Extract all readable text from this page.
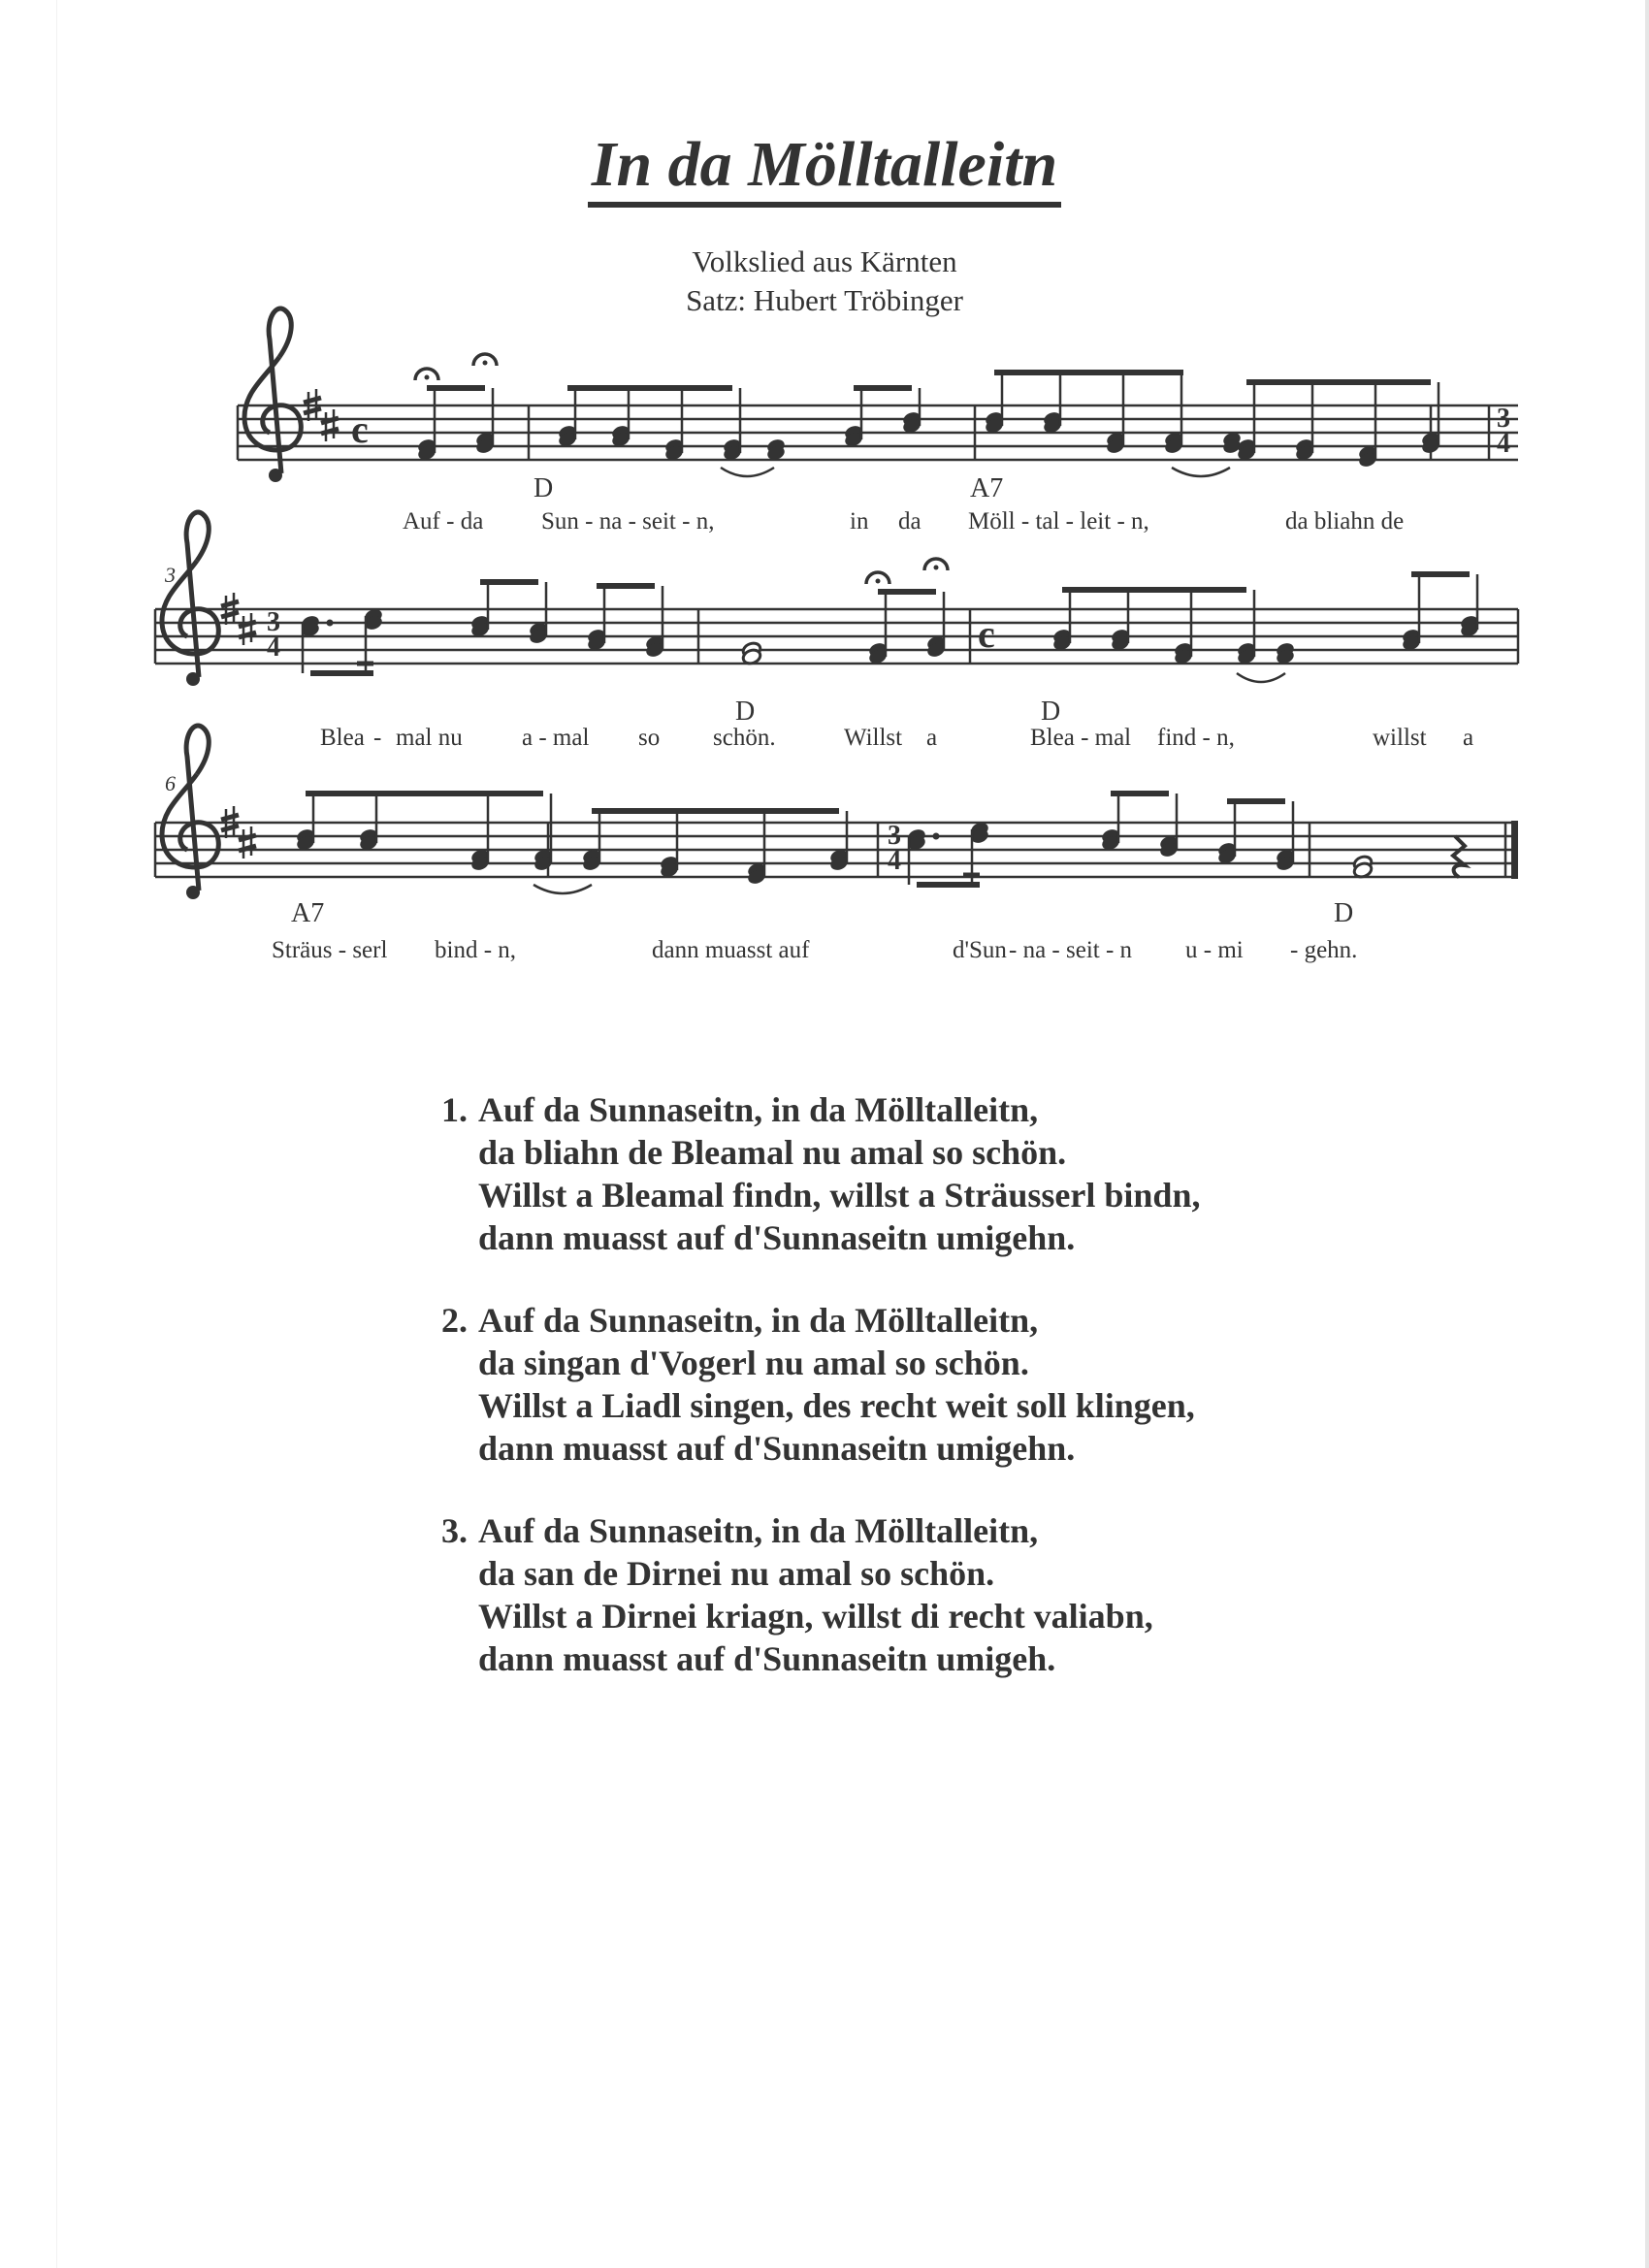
In da Mölltalleitn
Volkslied aus Kärnten
Satz: Hubert Tröbinger
c	3
4
D	A7
Auf - da Sun - na - seit - n,	in da Möll - tal - leit - n,	da bliahn de
3
3
4	c
D	D
Blea - mal nu a - mal so schön.	Willst a	Blea - mal find - n,	willst a
6
3
4
A7	D
Sträus - serl bind - n,	dann muasst auf	d'Sun - na - seit - n u - mi - gehn.
1. Auf da Sunnaseitn, in da Mölltalleitn,
da bliahn de Bleamal nu amal so schön.
Willst a Bleamal findn, willst a Sträusserl bindn,
dann muasst auf d'Sunnaseitn umigehn.
2. Auf da Sunnaseitn, in da Mölltalleitn,
da singan d'Vogerl nu amal so schön.
Willst a Liadl singen, des recht weit soll klingen,
dann muasst auf d'Sunnaseitn umigehn.
3. Auf da Sunnaseitn, in da Mölltalleitn,
da san de Dirnei nu amal so schön.
Willst a Dirnei kriagn, willst di recht valiabn,
dann muasst auf d'Sunnaseitn umigeh.
